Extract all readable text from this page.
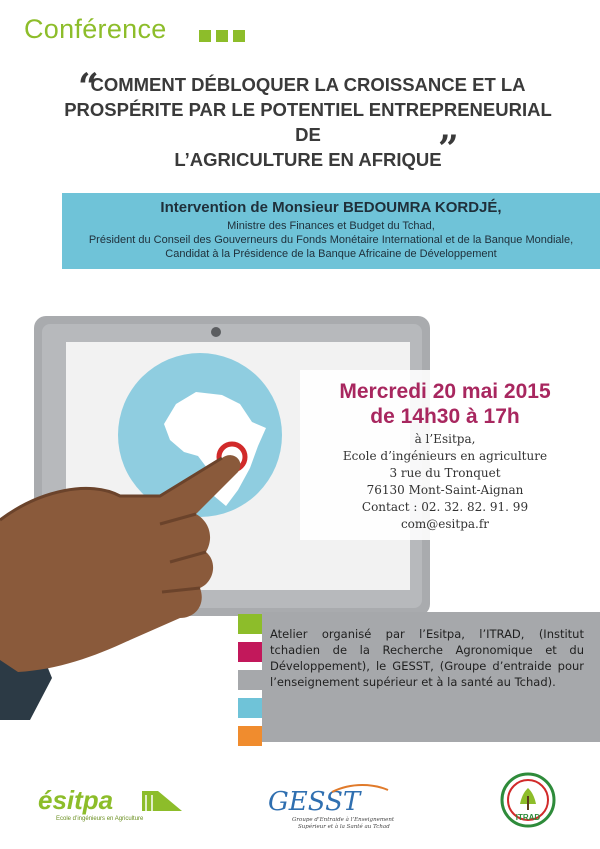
Conférence
“
COMMENT DÉBLOQUER LA CROISSANCE ET LA
PROSPÉRITE PAR LE POTENTIEL ENTREPRENEURIAL DE
L’AGRICULTURE EN AFRIQUE
”
Intervention de Monsieur BEDOUMRA KORDJÉ,
Ministre des Finances et Budget du Tchad,
Président du Conseil des Gouverneurs du Fonds Monétaire International et de la Banque Mondiale,
Candidat à la Présidence de la Banque Africaine de Développement
Mercredi 20 mai 2015
de 14h30 à 17h
à l’Esitpa,
Ecole d’ingénieurs en agriculture
3 rue du Tronquet
76130 Mont-Saint-Aignan
Contact : 02. 32. 82. 91. 99
com@esitpa.fr
Atelier organisé par l’Esitpa, l’ITRAD, (Institut tchadien de la Recherche Agronomique et du Développement), le GESST, (Groupe d’entraide pour l’enseignement supérieur et à la santé au Tchad).
ésitpa
Ecole d’ingénieurs en Agriculture
GESST
Groupe d’Entraide à l’Enseignement
Supérieur et à la Santé au Tchad
ITRAD
